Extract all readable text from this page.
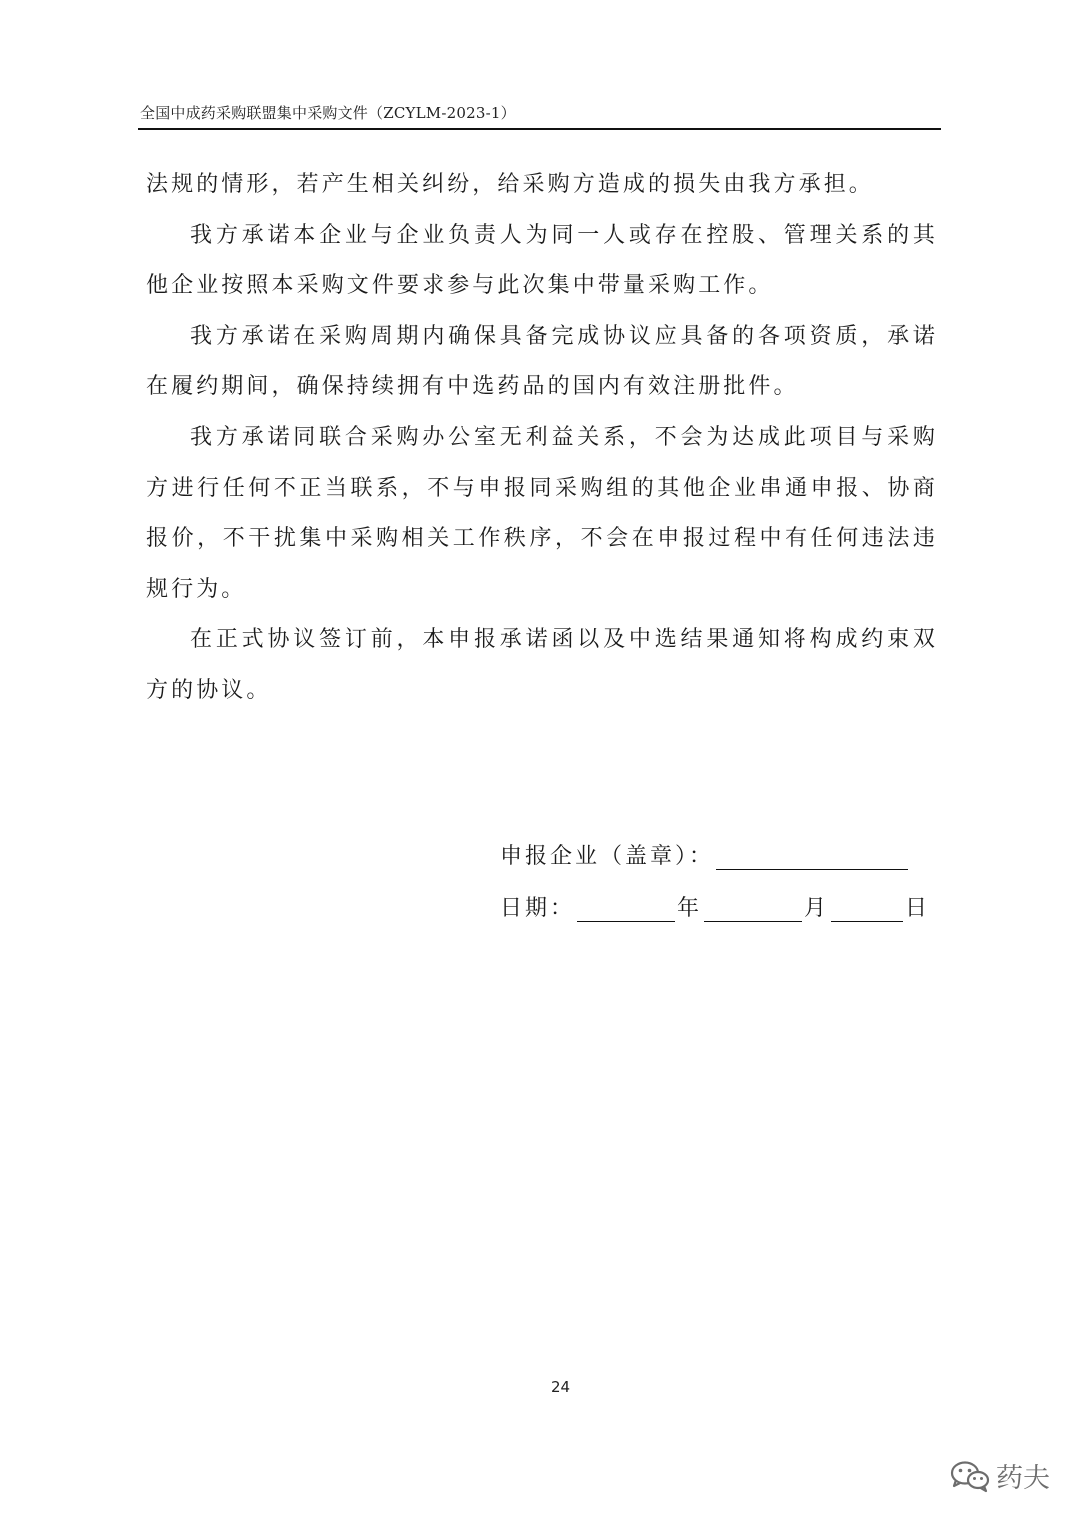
全国中成药采购联盟集中采购文件（ZCYLM-2023-1）

法规的情形，若产生相关纠纷，给采购方造成的损失由我方承担。

我方承诺本企业与企业负责人为同一人或存在控股、管理关系的其他企业按照本采购文件要求参与此次集中带量采购工作。

我方承诺在采购周期内确保具备完成协议应具备的各项资质，承诺在履约期间，确保持续拥有中选药品的国内有效注册批件。

我方承诺同联合采购办公室无利益关系，不会为达成此项目与采购方进行任何不正当联系，不与申报同采购组的其他企业串通申报、协商报价，不干扰集中采购相关工作秩序，不会在申报过程中有任何违法违规行为。

在正式协议签订前，本申报承诺函以及中选结果通知将构成约束双方的协议。

申报企业（盖章）：
日期：	年	月	日
24
药夫
